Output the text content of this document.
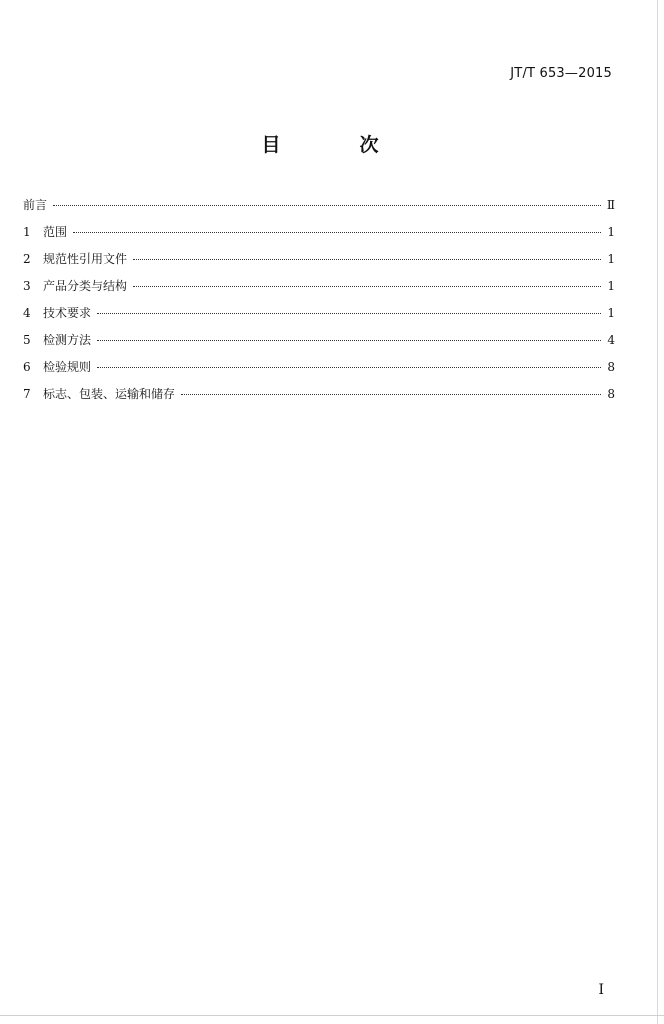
JT/T 653—2015
目　次
前言	Ⅱ
1	范围	1
2	规范性引用文件	1
3	产品分类与结构	1
4	技术要求	1
5	检测方法	4
6	检验规则	8
7	标志、包装、运输和储存	8
Ⅰ
